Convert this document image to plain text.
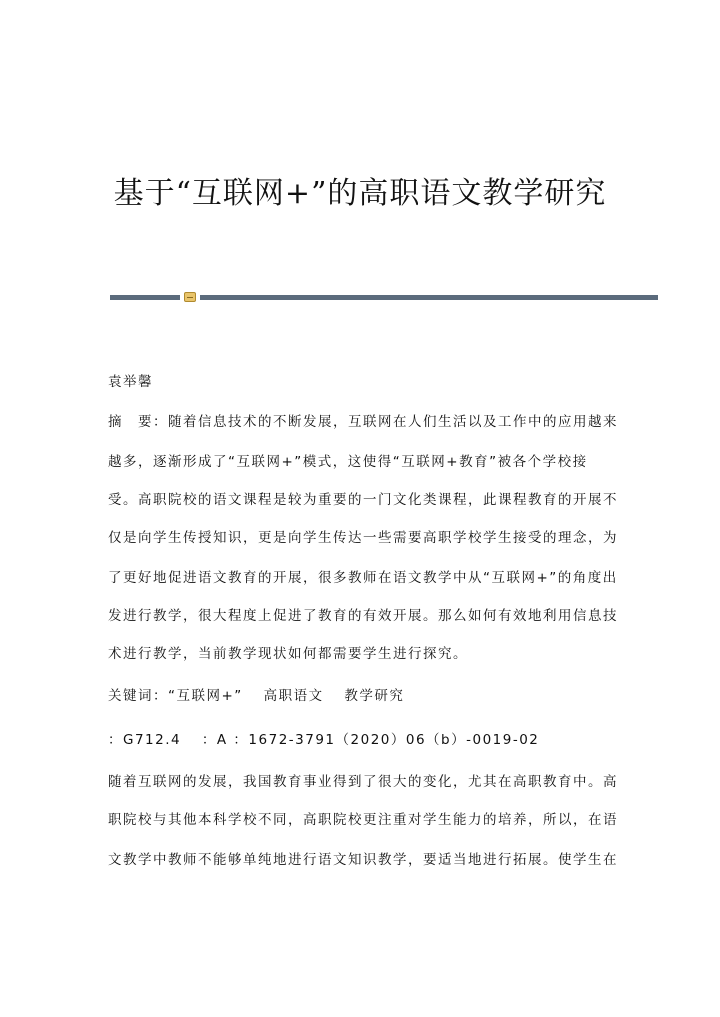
基于“互联网+”的高职语文教学研究
袁举馨
摘　要：随着信息技术的不断发展，互联网在人们生活以及工作中的应用越来
越多，逐渐形成了“互联网+”模式，这使得“互联网+教育”被各个学校接
受。高职院校的语文课程是较为重要的一门文化类课程，此课程教育的开展不
仅是向学生传授知识，更是向学生传达一些需要高职学校学生接受的理念，为
了更好地促进语文教育的开展，很多教师在语文教学中从“互联网+”的角度出
发进行教学，很大程度上促进了教育的有效开展。那么如何有效地利用信息技
术进行教学，当前教学现状如何都需要学生进行探究。
关键词：“互联网+”　 高职语文　 教学研究
：G712.4　 ：A ：1672-3791（2020）06（b）-0019-02
随着互联网的发展，我国教育事业得到了很大的变化，尤其在高职教育中。高
职院校与其他本科学校不同，高职院校更注重对学生能力的培养，所以，在语
文教学中教师不能够单纯地进行语文知识教学，要适当地进行拓展。使学生在
